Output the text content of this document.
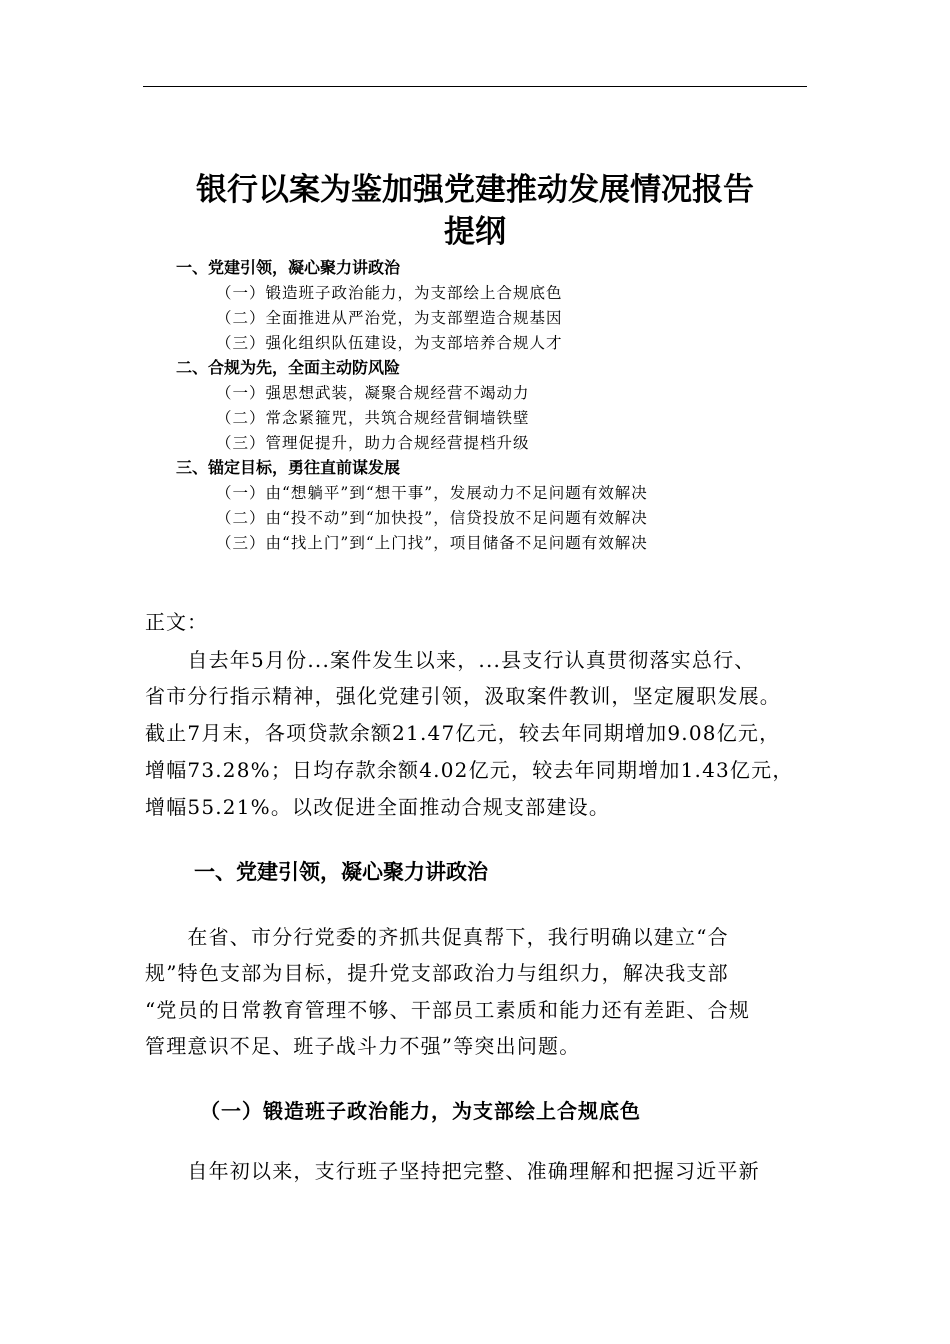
银行以案为鉴加强党建推动发展情况报告
提纲
一、党建引领，凝心聚力讲政治
（一）锻造班子政治能力，为支部绘上合规底色
（二）全面推进从严治党，为支部塑造合规基因
（三）强化组织队伍建设，为支部培养合规人才
二、合规为先，全面主动防风险
（一）强思想武装，凝聚合规经营不竭动力
（二）常念紧箍咒，共筑合规经营铜墙铁壁
（三）管理促提升，助力合规经营提档升级
三、锚定目标，勇往直前谋发展
（一）由“想躺平”到“想干事”，发展动力不足问题有效解决
（二）由“投不动”到“加快投”，信贷投放不足问题有效解决
（三）由“找上门”到“上门找”，项目储备不足问题有效解决
正文：
　　自去年5月份...案件发生以来，...县支行认真贯彻落实总行、
省市分行指示精神，强化党建引领，汲取案件教训，坚定履职发展。
截止7月末，各项贷款余额21.47亿元，较去年同期增加9.08亿元，
增幅73.28%；日均存款余额4.02亿元，较去年同期增加1.43亿元，
增幅55.21%。以改促进全面推动合规支部建设。
一、党建引领，凝心聚力讲政治
　　在省、市分行党委的齐抓共促真帮下，我行明确以建立“合
规”特色支部为目标，提升党支部政治力与组织力，解决我支部
“党员的日常教育管理不够、干部员工素质和能力还有差距、合规
管理意识不足、班子战斗力不强”等突出问题。
（一）锻造班子政治能力，为支部绘上合规底色
　　自年初以来，支行班子坚持把完整、准确理解和把握习近平新
